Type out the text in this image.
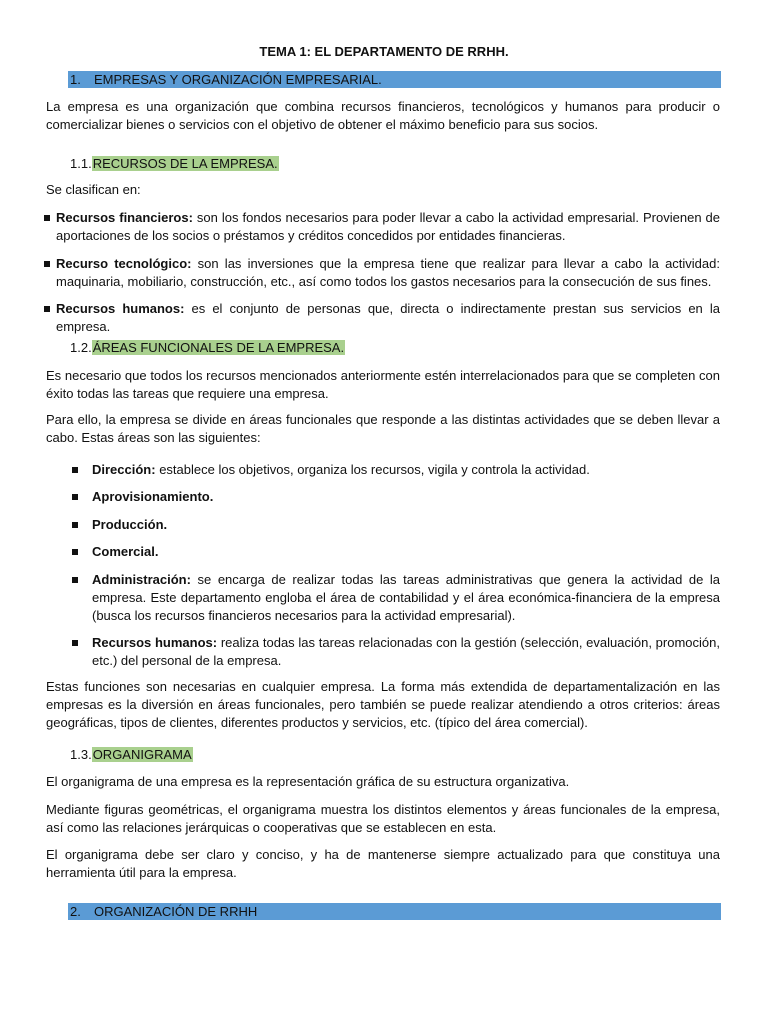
TEMA 1: EL DEPARTAMENTO DE RRHH.
1. EMPRESAS Y ORGANIZACIÓN EMPRESARIAL.
La empresa es una organización que combina recursos financieros, tecnológicos y humanos para producir o comercializar bienes o servicios con el objetivo de obtener el máximo beneficio para sus socios.
1.1.RECURSOS DE LA EMPRESA.
Se clasifican en:
Recursos financieros: son los fondos necesarios para poder llevar a cabo la actividad empresarial. Provienen de aportaciones de los socios o préstamos y créditos concedidos por entidades financieras.
Recurso tecnológico: son las inversiones que la empresa tiene que realizar para llevar a cabo la actividad: maquinaria, mobiliario, construcción, etc., así como todos los gastos necesarios para la consecución de sus fines.
Recursos humanos: es el conjunto de personas que, directa o indirectamente prestan sus servicios en la empresa.
1.2.ÁREAS FUNCIONALES DE LA EMPRESA.
Es necesario que todos los recursos mencionados anteriormente estén interrelacionados para que se completen con éxito todas las tareas que requiere una empresa.
Para ello, la empresa se divide en áreas funcionales que responde a las distintas actividades que se deben llevar a cabo. Estas áreas son las siguientes:
Dirección: establece los objetivos, organiza los recursos, vigila y controla la actividad.
Aprovisionamiento.
Producción.
Comercial.
Administración: se encarga de realizar todas las tareas administrativas que genera la actividad de la empresa. Este departamento engloba el área de contabilidad y el área económica-financiera de la empresa (busca los recursos financieros necesarios para la actividad empresarial).
Recursos humanos: realiza todas las tareas relacionadas con la gestión (selección, evaluación, promoción, etc.) del personal de la empresa.
Estas funciones son necesarias en cualquier empresa. La forma más extendida de departamentalización en las empresas es la diversión en áreas funcionales, pero también se puede realizar atendiendo a otros criterios: áreas geográficas, tipos de clientes, diferentes productos y servicios, etc. (típico del área comercial).
1.3.ORGANIGRAMA
El organigrama de una empresa es la representación gráfica de su estructura organizativa.
Mediante figuras geométricas, el organigrama muestra los distintos elementos y áreas funcionales de la empresa, así como las relaciones jerárquicas o cooperativas que se establecen en esta.
El organigrama debe ser claro y conciso, y ha de mantenerse siempre actualizado para que constituya una herramienta útil para la empresa.
2. ORGANIZACIÓN DE RRHH
